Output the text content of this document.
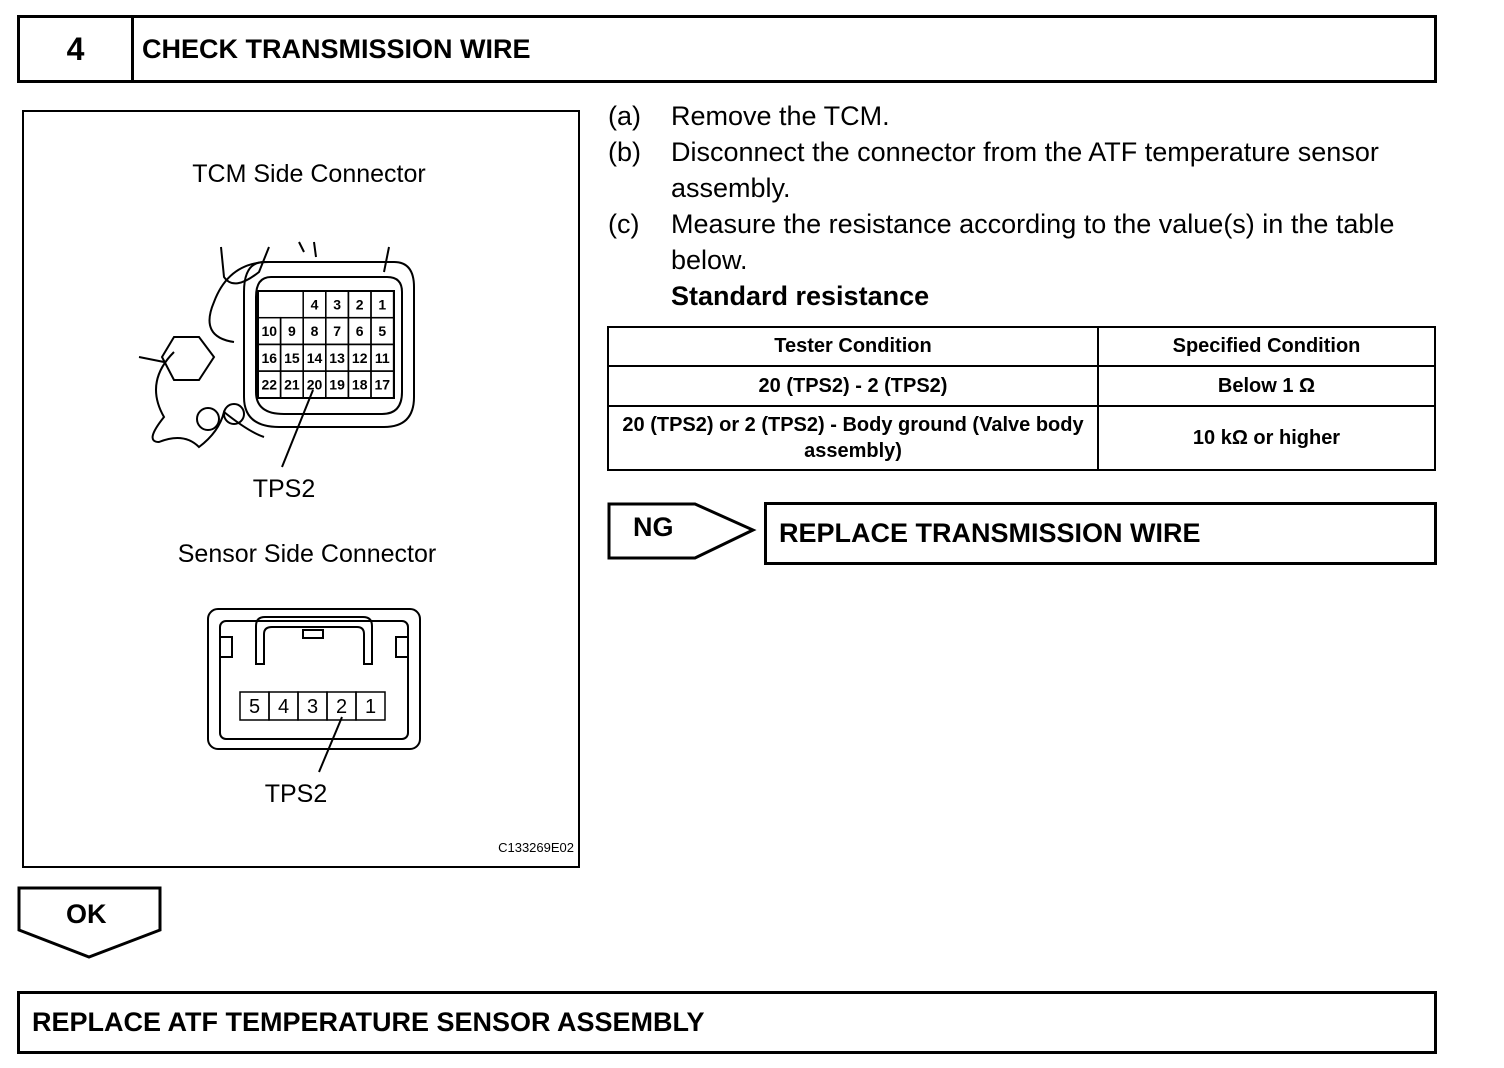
4	CHECK TRANSMISSION WIRE
TCM Side Connector
4 3 2 1
10 9 8 7 6 5
16 15 14 13 12 11
22 21 20 19 18 17
TPS2
Sensor Side Connector
5 4 3 2 1
TPS2
C133269E02
(a)	Remove the TCM.
(b)	Disconnect the connector from the ATF temperature sensor assembly.
(c)	Measure the resistance according to the value(s) in the table below.
Standard resistance
Tester Condition	Specified Condition
20 (TPS2) - 2 (TPS2)	Below 1 Ω
20 (TPS2) or 2 (TPS2) - Body ground (Valve body assembly)	10 kΩ or higher
NG	REPLACE TRANSMISSION WIRE
OK
REPLACE ATF TEMPERATURE SENSOR ASSEMBLY
